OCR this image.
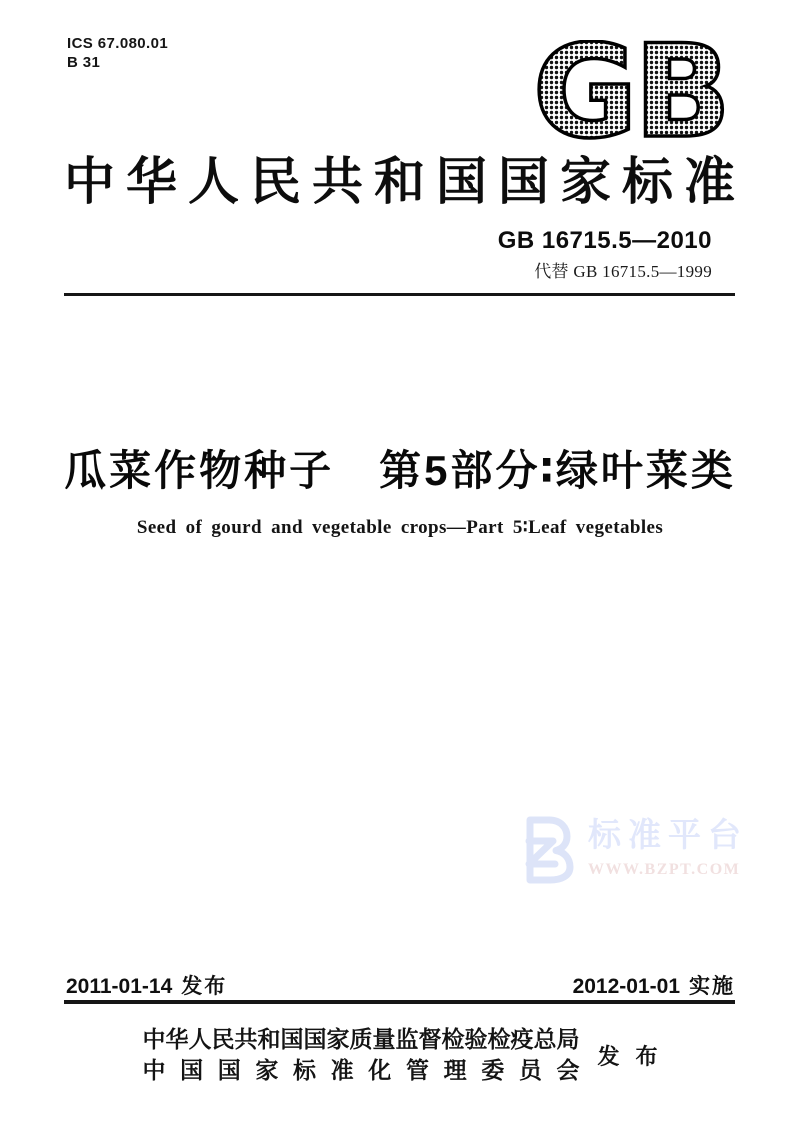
ICS 67.080.01
B 31	GB
中华人民共和国国家标准
GB 16715.5—2010
代替 GB 16715.5—1999
瓜菜作物种子　第5部分∶绿叶菜类
Seed of gourd and vegetable crops—Part 5∶Leaf vegetables
标准平台
WWW.BZPT.COM
2011-01-14 发布	2012-01-01 实施
中华人民共和国国家质量监督检验检疫总局
中国国家标准化管理委员会
发布
